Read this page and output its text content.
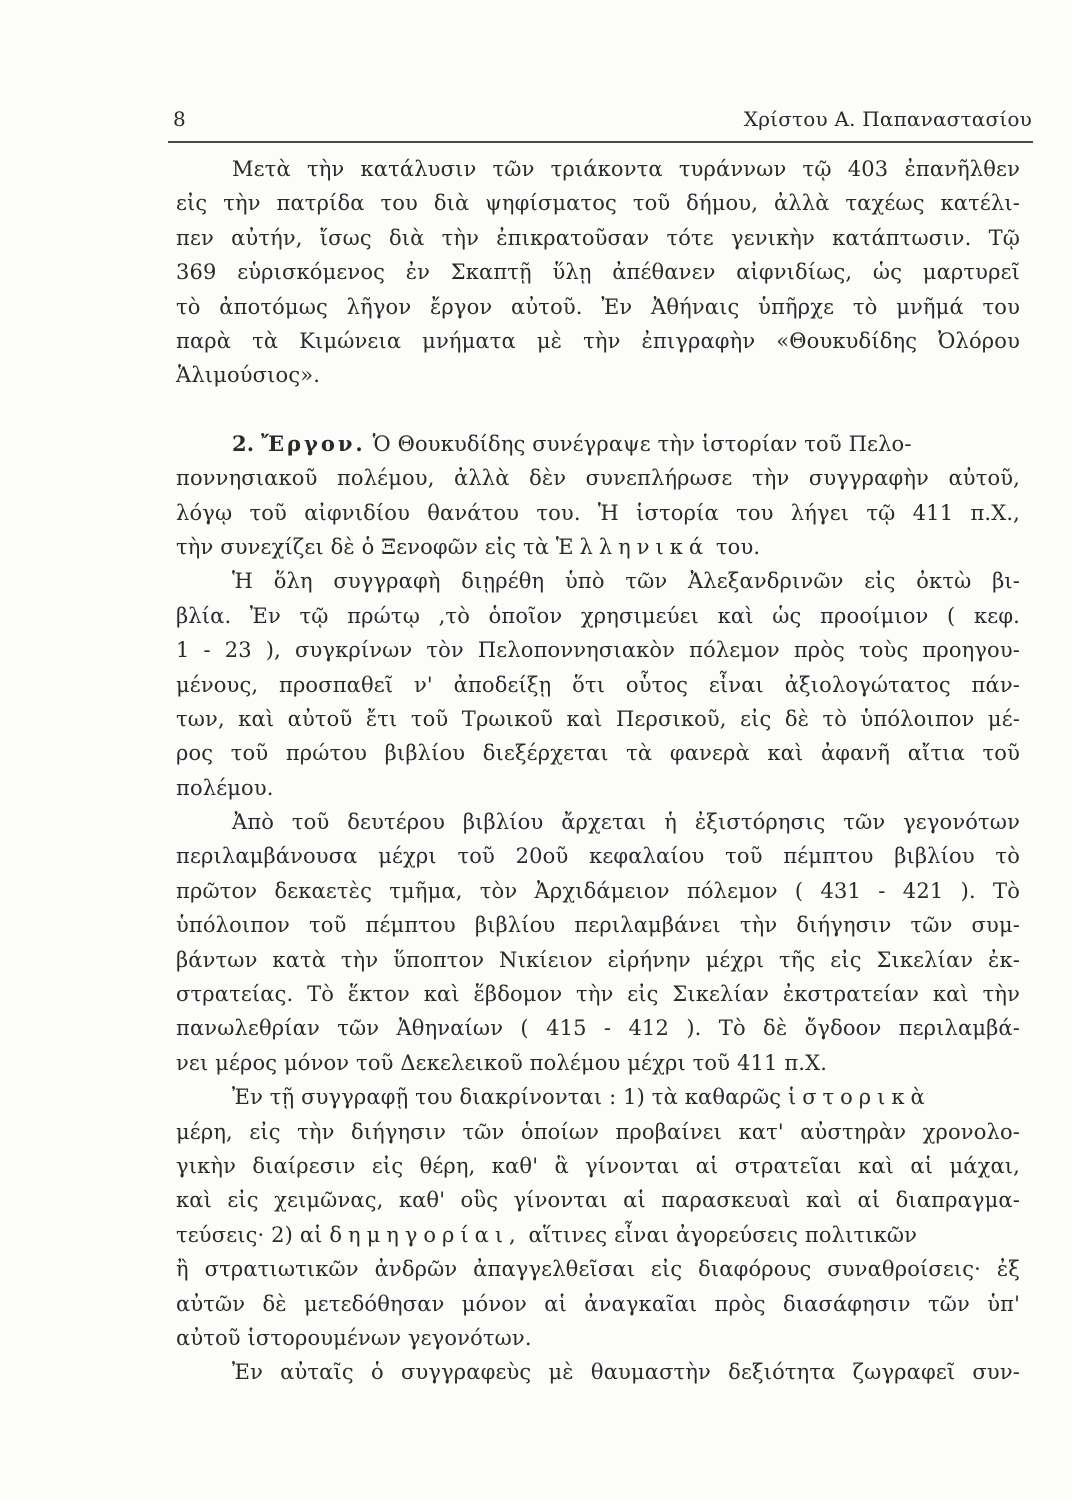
8	Χρίστου Α. Παπαναστασίου
Μετὰ τὴν κατάλυσιν τῶν τριάκοντα τυράννων τῷ 403 ἐπανῆλθεν
εἰς τὴν πατρίδα του διὰ ψηφίσματος τοῦ δήμου, ἀλλὰ ταχέως κατέλι-
πεν αὐτήν, ἴσως διὰ τὴν ἐπικρατοῦσαν τότε γενικὴν κατάπτωσιν. Τῷ
369 εὑρισκόμενος ἐν Σκαπτῇ ὕλῃ ἀπέθανεν αἰφνιδίως, ὡς μαρτυρεῖ
τὸ ἀποτόμως λῆγον ἔργον αὐτοῦ. Ἐν Ἀθήναις ὑπῆρχε τὸ μνῆμά του
παρὰ τὰ Κιμώνεια μνήματα μὲ τὴν ἐπιγραφὴν «Θουκυδίδης Ὀλόρου
Ἁλιμούσιος».
2. Ἔργον. Ὁ Θουκυδίδης συνέγραψε τὴν ἱστορίαν τοῦ Πελο-
ποννησιακοῦ πολέμου, ἀλλὰ δὲν συνεπλήρωσε τὴν συγγραφὴν αὐτοῦ,
λόγῳ τοῦ αἰφνιδίου θανάτου του. Ἡ ἱστορία του λήγει τῷ 411 π.Χ.,
τὴν συνεχίζει δὲ ὁ Ξενοφῶν εἰς τὰ Ἑλληνικά του.
Ἡ ὅλη συγγραφὴ διῃρέθη ὑπὸ τῶν Ἀλεξανδρινῶν εἰς ὀκτὼ βι-
βλία. Ἐν τῷ πρώτῳ ,τὸ ὁποῖον χρησιμεύει καὶ ὡς προοίμιον ( κεφ.
1 - 23 ), συγκρίνων τὸν Πελοποννησιακὸν πόλεμον πρὸς τοὺς προηγου-
μένους, προσπαθεῖ ν' ἀποδείξῃ ὅτι οὗτος εἶναι ἀξιολογώτατος πάν-
των, καὶ αὐτοῦ ἔτι τοῦ Τρωικοῦ καὶ Περσικοῦ, εἰς δὲ τὸ ὑπόλοιπον μέ-
ρος τοῦ πρώτου βιβλίου διεξέρχεται τὰ φανερὰ καὶ ἀφανῆ αἴτια τοῦ
πολέμου.
Ἀπὸ τοῦ δευτέρου βιβλίου ἄρχεται ἡ ἐξιστόρησις τῶν γεγονότων
περιλαμβάνουσα μέχρι τοῦ 20οῦ κεφαλαίου τοῦ πέμπτου βιβλίου τὸ
πρῶτον δεκαετὲς τμῆμα, τὸν Ἀρχιδάμειον πόλεμον ( 431 - 421 ). Τὸ
ὑπόλοιπον τοῦ πέμπτου βιβλίου περιλαμβάνει τὴν διήγησιν τῶν συμ-
βάντων κατὰ τὴν ὕποπτον Νικίειον εἰρήνην μέχρι τῆς εἰς Σικελίαν ἐκ-
στρατείας. Τὸ ἕκτον καὶ ἕβδομον τὴν εἰς Σικελίαν ἐκστρατείαν καὶ τὴν
πανωλεθρίαν τῶν Ἀθηναίων ( 415 - 412 ). Τὸ δὲ ὄγδοον περιλαμβά-
νει μέρος μόνον τοῦ Δεκελεικοῦ πολέμου μέχρι τοῦ 411 π.Χ.
Ἐν τῇ συγγραφῇ του διακρίνονται : 1) τὰ καθαρῶς ἱστορικὰ
μέρη, εἰς τὴν διήγησιν τῶν ὁποίων προβαίνει κατ' αὐστηρὰν χρονολο-
γικὴν διαίρεσιν εἰς θέρη, καθ' ἃ γίνονται αἱ στρατεῖαι καὶ αἱ μάχαι,
καὶ εἰς χειμῶνας, καθ' οὓς γίνονται αἱ παρασκευαὶ καὶ αἱ διαπραγμα-
τεύσεις· 2) αἱ δημηγορίαι, αἵτινες εἶναι ἀγορεύσεις πολιτικῶν
ἢ στρατιωτικῶν ἀνδρῶν ἀπαγγελθεῖσαι εἰς διαφόρους συναθροίσεις· ἐξ
αὐτῶν δὲ μετεδόθησαν μόνον αἱ ἀναγκαῖαι πρὸς διασάφησιν τῶν ὑπ'
αὐτοῦ ἱστορουμένων γεγονότων.
Ἐν αὐταῖς ὁ συγγραφεὺς μὲ θαυμαστὴν δεξιότητα ζωγραφεῖ συν-
